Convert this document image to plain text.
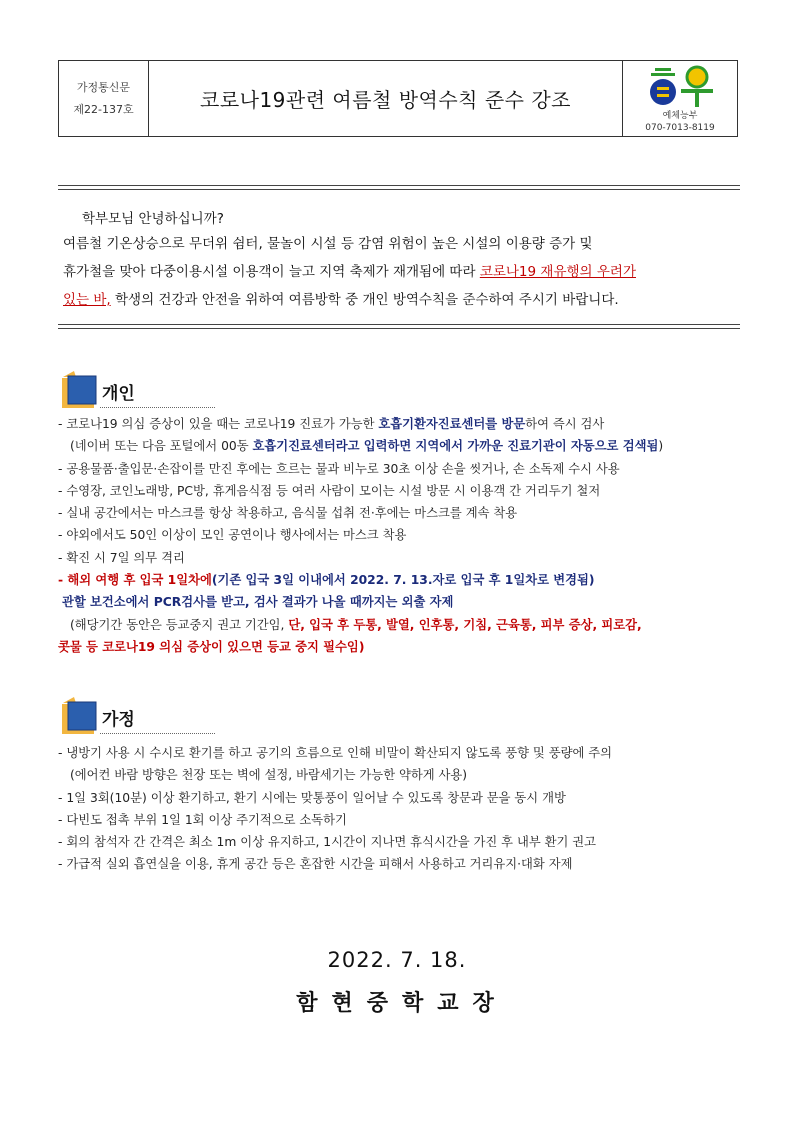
가정통신문
제22-137호	코로나19관련 여름철 방역수칙 준수 강조
예체능부
070-7013-8119
학부모님 안녕하십니까?
여름철 기온상승으로 무더위 쉼터, 물놀이 시설 등 감염 위험이 높은 시설의 이용량 증가 및
휴가철을 맞아 다중이용시설 이용객이 늘고 지역 축제가 재개됨에 따라 코로나19 재유행의 우려가
있는 바, 학생의 건강과 안전을 위하여 여름방학 중 개인 방역수칙을 준수하여 주시기 바랍니다.
개인
- 코로나19 의심 증상이 있을 때는 코로나19 진료가 가능한 호흡기환자진료센터를 방문하여 즉시 검사
(네이버 또는 다음 포털에서 00동 호흡기진료센터라고 입력하면 지역에서 가까운 진료기관이 자동으로 검색됨)
- 공용물품·출입문·손잡이를 만진 후에는 흐르는 물과 비누로 30초 이상 손을 씻거나, 손 소독제 수시 사용
- 수영장, 코인노래방, PC방, 휴게음식점 등 여러 사람이 모이는 시설 방문 시 이용객 간 거리두기 철저
- 실내 공간에서는 마스크를 항상 착용하고, 음식물 섭취 전·후에는 마스크를 계속 착용
- 야외에서도 50인 이상이 모인 공연이나 행사에서는 마스크 착용
- 확진 시 7일 의무 격리
- 해외 여행 후 입국 1일차에(기존 입국 3일 이내에서 2022. 7. 13.자로 입국 후 1일차로 변경됨)
관할 보건소에서 PCR검사를 받고, 검사 결과가 나올 때까지는 외출 자제
(해당기간 동안은 등교중지 권고 기간임, 단, 입국 후 두통, 발열, 인후통, 기침, 근육통, 피부 증상, 피로감,
콧물 등 코로나19 의심 증상이 있으면 등교 중지 필수임)
가정
- 냉방기 사용 시 수시로 환기를 하고 공기의 흐름으로 인해 비말이 확산되지 않도록 풍향 및 풍량에 주의
(에어컨 바람 방향은 천장 또는 벽에 설정, 바람세기는 가능한 약하게 사용)
- 1일 3회(10분) 이상 환기하고, 환기 시에는 맞통풍이 일어날 수 있도록 창문과 문을 동시 개방
- 다빈도 접촉 부위 1일 1회 이상 주기적으로 소독하기
- 회의 참석자 간 간격은 최소 1m 이상 유지하고, 1시간이 지나면 휴식시간을 가진 후 내부 환기 권고
- 가급적 실외 흡연실을 이용, 휴게 공간 등은 혼잡한 시간을 피해서 사용하고 거리유지·대화 자제
2022. 7. 18.
함현중학교장
